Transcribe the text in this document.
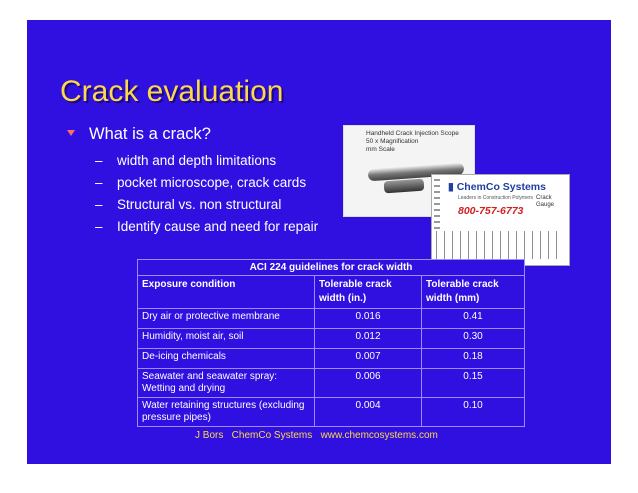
Crack evaluation
What is a crack?
– width and depth limitations
– pocket microscope, crack cards
– Structural vs. non structural
– Identify cause and need for repair
Handheld Crack Injection Scope
50 x Magnification
mm Scale
▮ ChemCo Systems
Leaders in Construction Polymers
800-757-6773
Crack
Gauge
ACI 224 guidelines for crack width		
Exposure condition	Tolerable crack width (in.)	Tolerable crack width (mm)
Dry air or protective membrane	0.016	0.41
Humidity, moist air, soil	0.012	0.30
De-icing chemicals	0.007	0.18
Seawater and seawater spray: Wetting and drying	0.006	0.15
Water retaining structures (excluding pressure pipes)	0.004	0.10
J Bors   ChemCo Systems   www.chemcosystems.com
